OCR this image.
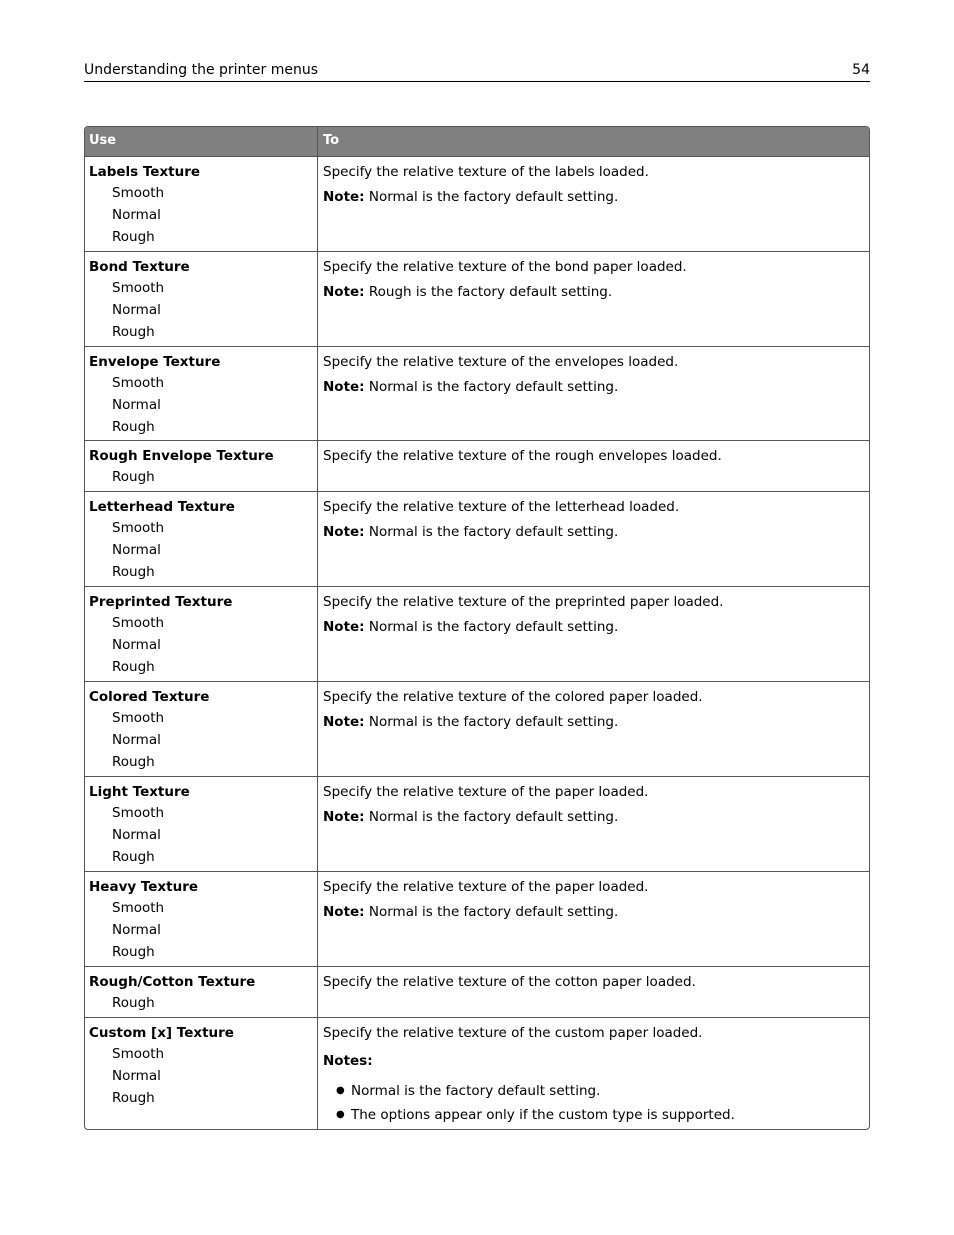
Understanding the printer menus	54
Use	To
Labels Texture
Smooth
Normal
Rough
Specify the relative texture of the labels loaded.
Note: Normal is the factory default setting.
Bond Texture
Smooth
Normal
Rough
Specify the relative texture of the bond paper loaded.
Note: Rough is the factory default setting.
Envelope Texture
Smooth
Normal
Rough
Specify the relative texture of the envelopes loaded.
Note: Normal is the factory default setting.
Rough Envelope Texture
Rough
Specify the relative texture of the rough envelopes loaded.
Letterhead Texture
Smooth
Normal
Rough
Specify the relative texture of the letterhead loaded.
Note: Normal is the factory default setting.
Preprinted Texture
Smooth
Normal
Rough
Specify the relative texture of the preprinted paper loaded.
Note: Normal is the factory default setting.
Colored Texture
Smooth
Normal
Rough
Specify the relative texture of the colored paper loaded.
Note: Normal is the factory default setting.
Light Texture
Smooth
Normal
Rough
Specify the relative texture of the paper loaded.
Note: Normal is the factory default setting.
Heavy Texture
Smooth
Normal
Rough
Specify the relative texture of the paper loaded.
Note: Normal is the factory default setting.
Rough/Cotton Texture
Rough
Specify the relative texture of the cotton paper loaded.
Custom [x] Texture
Smooth
Normal
Rough
Specify the relative texture of the custom paper loaded.
Notes:
● Normal is the factory default setting.
● The options appear only if the custom type is supported.
